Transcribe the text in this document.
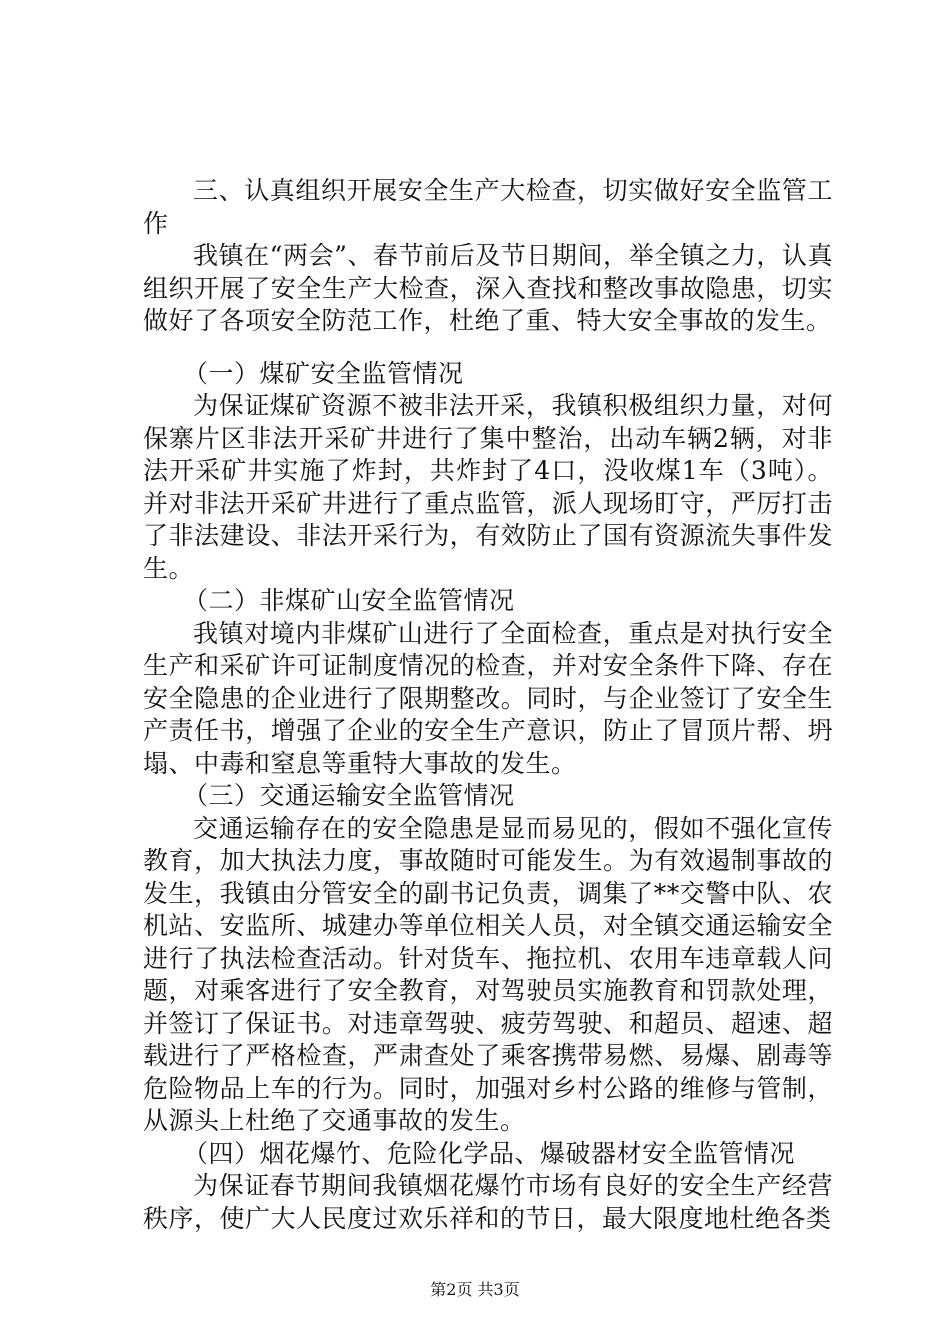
三、认真组织开展安全生产大检查，切实做好安全监管工作

我镇在“两会”、春节前后及节日期间，举全镇之力，认真组织开展了安全生产大检查，深入查找和整改事故隐患，切实做好了各项安全防范工作，杜绝了重、特大安全事故的发生。

（一）煤矿安全监管情况

为保证煤矿资源不被非法开采，我镇积极组织力量，对何保寨片区非法开采矿井进行了集中整治，出动车辆2辆，对非法开采矿井实施了炸封，共炸封了4口，没收煤1车（3吨）。并对非法开采矿井进行了重点监管，派人现场盯守，严厉打击了非法建设、非法开采行为，有效防止了国有资源流失事件发生。

（二）非煤矿山安全监管情况

我镇对境内非煤矿山进行了全面检查，重点是对执行安全生产和采矿许可证制度情况的检查，并对安全条件下降、存在安全隐患的企业进行了限期整改。同时，与企业签订了安全生产责任书，增强了企业的安全生产意识，防止了冒顶片帮、坍塌、中毒和窒息等重特大事故的发生。

（三）交通运输安全监管情况

交通运输存在的安全隐患是显而易见的，假如不强化宣传教育，加大执法力度，事故随时可能发生。为有效遏制事故的发生，我镇由分管安全的副书记负责，调集了**交警中队、农机站、安监所、城建办等单位相关人员，对全镇交通运输安全进行了执法检查活动。针对货车、拖拉机、农用车违章载人问题，对乘客进行了安全教育，对驾驶员实施教育和罚款处理，并签订了保证书。对违章驾驶、疲劳驾驶、和超员、超速、超载进行了严格检查，严肃查处了乘客携带易燃、易爆、剧毒等危险物品上车的行为。同时，加强对乡村公路的维修与管制，从源头上杜绝了交通事故的发生。

（四）烟花爆竹、危险化学品、爆破器材安全监管情况

为保证春节期间我镇烟花爆竹市场有良好的安全生产经营秩序，使广大人民度过欢乐祥和的节日，最大限度地杜绝各类

第2页 共3页
